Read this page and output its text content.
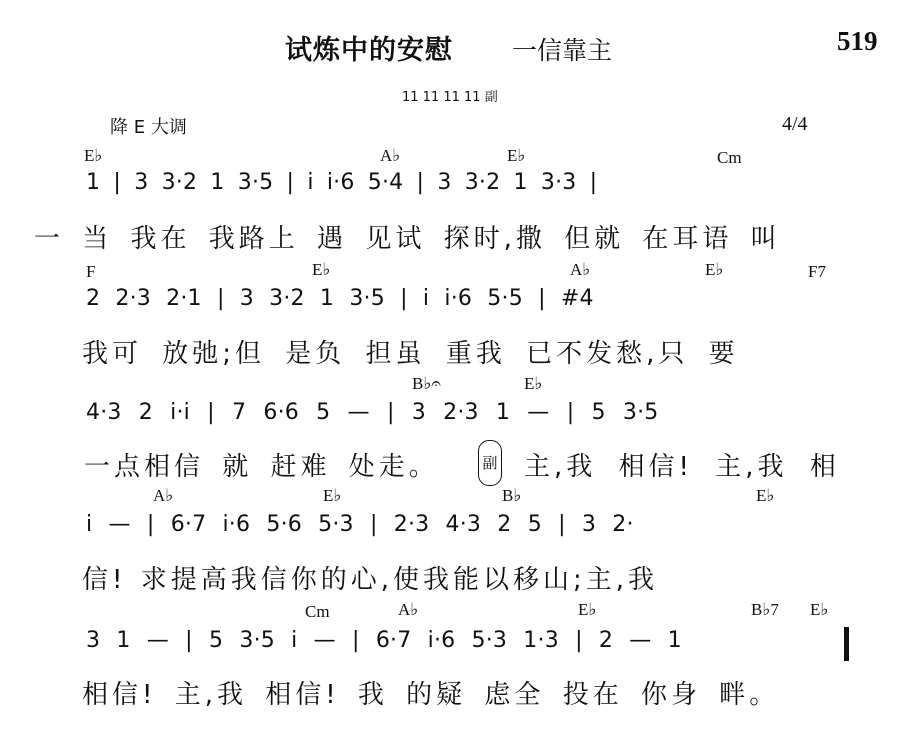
试炼中的安慰 一信靠主	519
11 11 11 11 副
降 E 大调	4/4
E♭	A♭	E♭	Cm
1 | 3 3·2 1 3·5 | i i·6 5·4 | 3 3·2 1 3·3 |
一 当 我在 我路上 遇 见试 探时,撒 但就 在耳语 叫
F	E♭	A♭	E♭	F7
2 2·3 2·1 | 3 3·2 1 3·5 | i i·6 5·5 | #4
我可 放弛;但 是负 担虽 重我 已不发愁,只 要
B♭𝄐	E♭
4·3 2 i·i | 7 6·6 5 — | 3 2·3 1 — | 5 3·5
一点相信 就 赶难 处走。	副 主,我 相信! 主,我 相
A♭	E♭	B♭	E♭
i — | 6·7 i·6 5·6 5·3 | 2·3 4·3 2 5 | 3 2·
信! 求提高我信你的心,使我能以移山;主,我
Cm	A♭	E♭	B♭7 E♭
3 1 — | 5 3·5 i — | 6·7 i·6 5·3 1·3 | 2 — 1
相信! 主,我 相信! 我 的疑 虑全 投在 你身 畔。
